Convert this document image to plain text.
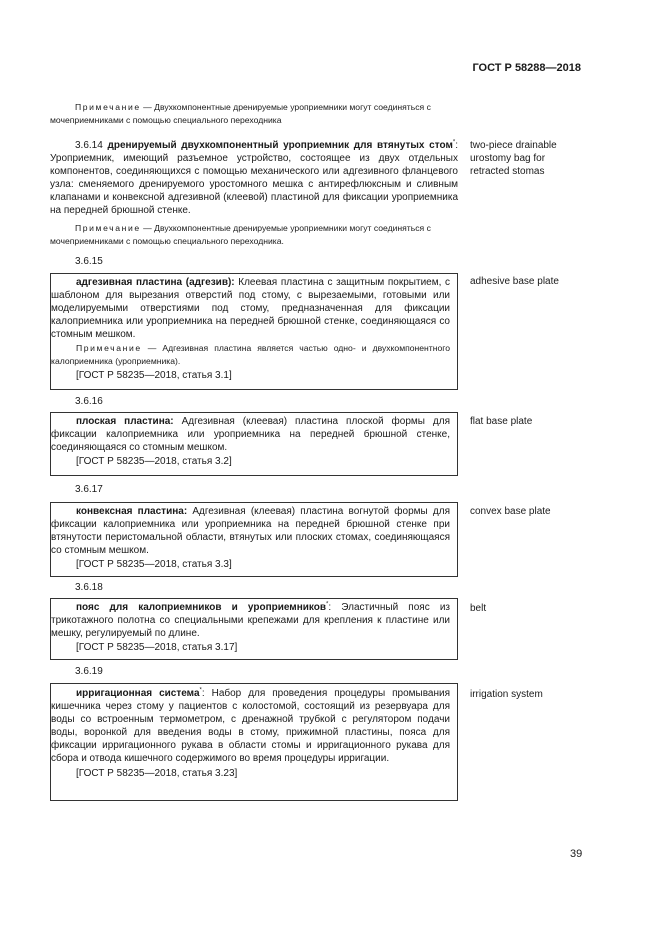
ГОСТ Р 58288—2018
Примечание — Двухкомпонентные дренируемые уроприемники могут соединяться с мочеприемниками с помощью специального переходника
3.6.14 дренируемый двухкомпонентный уроприемник для втянутых стом*: Уроприемник, имеющий разъемное устройство, состоящее из двух отдельных компонентов, соединяющихся с помощью механического или адгезивного фланцевого узла: сменяемого дренируемого уростомного мешка с антирефлюксным и сливным клапанами и конвексной адгезивной (клеевой) пластиной для фиксации уроприемника на передней брюшной стенке.
two-piece drainable urostomy bag for retracted stomas
Примечание — Двухкомпонентные дренируемые уроприемники могут соединяться с мочеприемниками с помощью специального переходника.
3.6.15
адгезивная пластина (адгезив): Клеевая пластина с защитным покрытием, с шаблоном для вырезания отверстий под стому, с вырезаемыми, готовыми или моделируемыми отверстиями под стому, предназначенная для фиксации калоприемника или уроприемника на передней брюшной стенке, соединяющаяся со стомным мешком.
Примечание — Адгезивная пластина является частью одно- и двухкомпонентного калоприемника (уроприемника).
[ГОСТ Р 58235—2018, статья 3.1]
adhesive base plate
3.6.16
плоская пластина: Адгезивная (клеевая) пластина плоской формы для фиксации калоприемника или уроприемника на передней брюшной стенке, соединяющаяся со стомным мешком.
[ГОСТ Р 58235—2018, статья 3.2]
flat base plate
3.6.17
конвексная пластина: Адгезивная (клеевая) пластина вогнутой формы для фиксации калоприемника или уроприемника на передней брюшной стенке при втянутости перистомальной области, втянутых или плоских стомах, соединяющаяся со стомным мешком.
[ГОСТ Р 58235—2018, статья 3.3]
convex base plate
3.6.18
пояс для калоприемников и уроприемников*: Эластичный пояс из трикотажного полотна со специальными крепежами для крепления к пластине или мешку, регулируемый по длине.
[ГОСТ Р 58235—2018, статья 3.17]
belt
3.6.19
ирригационная система*: Набор для проведения процедуры промывания кишечника через стому у пациентов с колостомой, состоящий из резервуара для воды со встроенным термометром, с дренажной трубкой с регулятором подачи воды, воронкой для введения воды в стому, прижимной пластины, пояса для фиксации ирригационного рукава в области стомы и ирригационного рукава для сбора и отвода кишечного содержимого во время процедуры ирригации.
[ГОСТ Р 58235—2018, статья 3.23]
irrigation system
39
